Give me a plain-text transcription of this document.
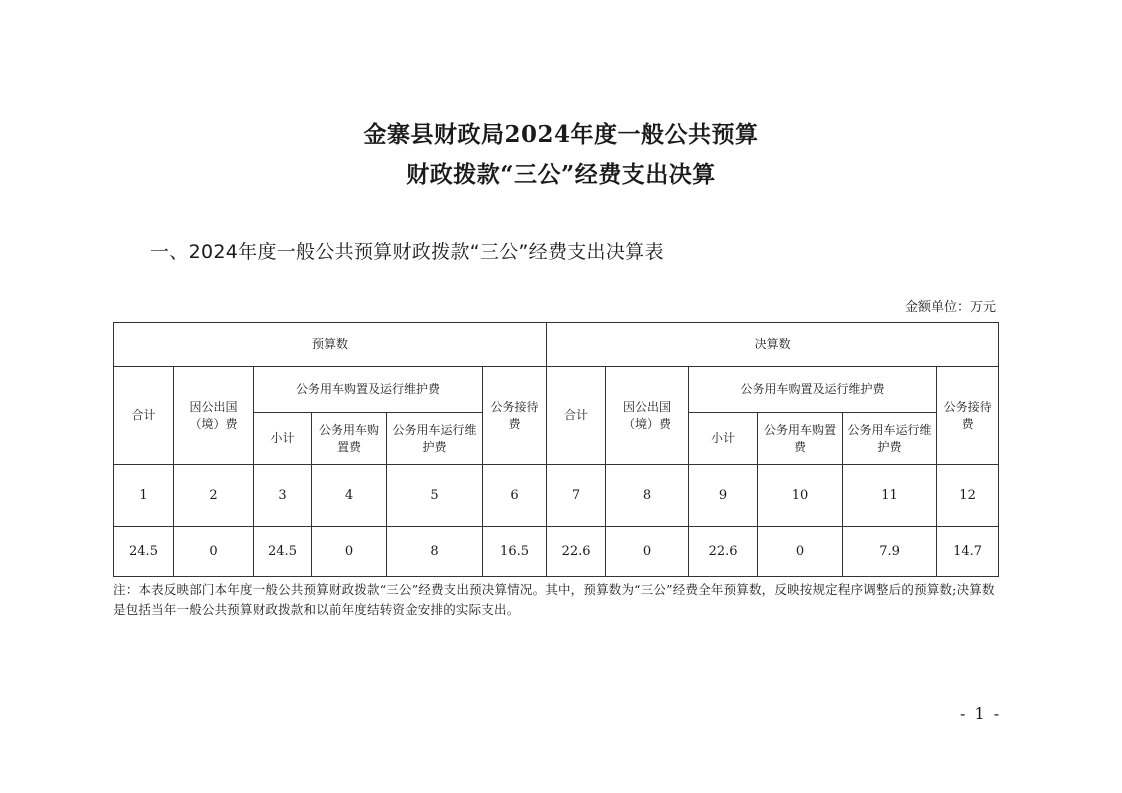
金寨县财政局2024年度一般公共预算
财政拨款“三公”经费支出决算
一、2024年度一般公共预算财政拨款“三公”经费支出决算表
金额单位：万元
预算数						决算数					
合计	因公出国（境）费	公务用车购置及运行维护费			公务接待费	合计	因公出国（境）费	公务用车购置及运行维护费			公务接待费
		小计	公务用车购置费	公务用车运行维护费				小计	公务用车购置费	公务用车运行维护费	
1	2	3	4	5	6	7	8	9	10	11	12
24.5	0	24.5	0	8	16.5	22.6	0	22.6	0	7.9	14.7
注：本表反映部门本年度一般公共预算财政拨款“三公”经费支出预决算情况。其中，预算数为“三公”经费全年预算数，反映按规定程序调整后的预算数;决算数是包括当年一般公共预算财政拨款和以前年度结转资金安排的实际支出。
- 1 -
